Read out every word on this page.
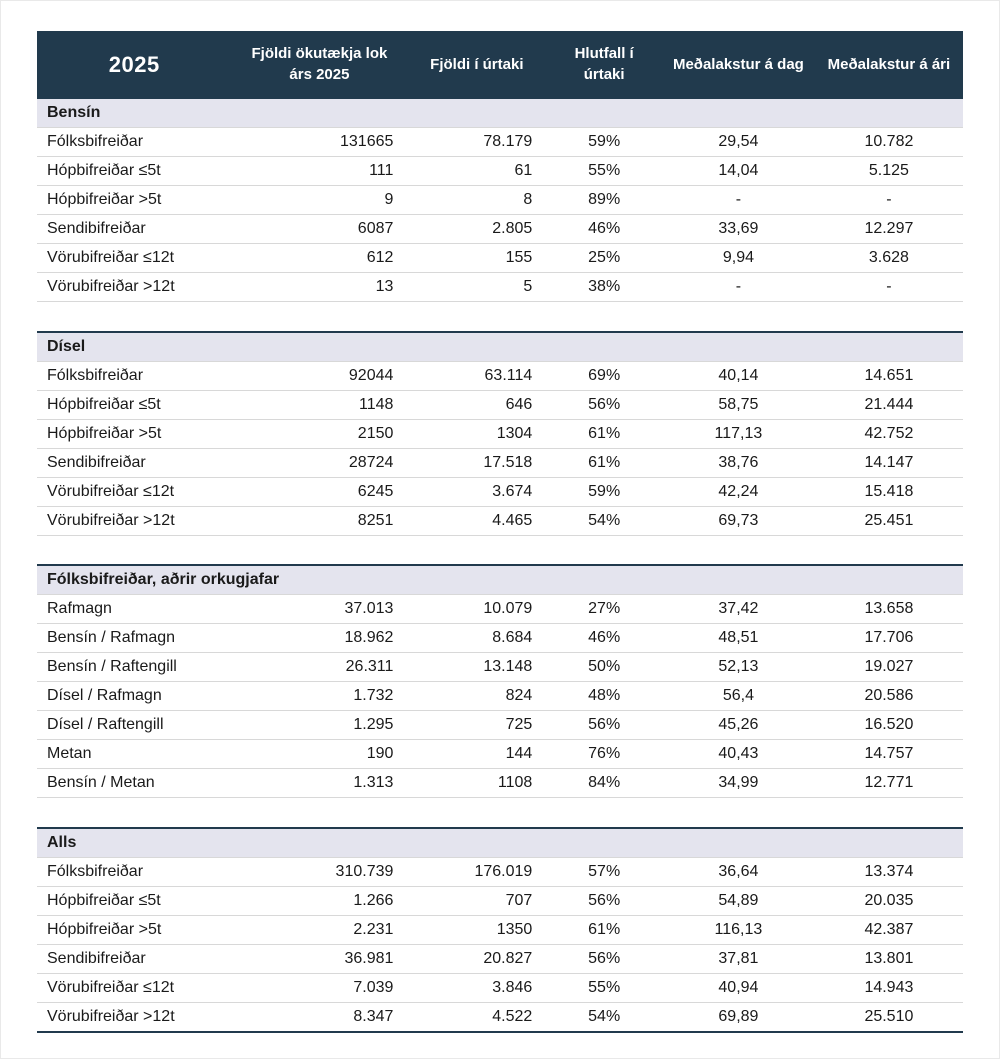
2025	Fjöldi ökutækja lok árs 2025	Fjöldi í úrtaki	Hlutfall í úrtaki	Meðalakstur á dag	Meðalakstur á ári
Bensín					
Fólksbifreiðar	131665	78.179	59%	29,54	10.782
Hópbifreiðar ≤5t	111	61	55%	14,04	5.125
Hópbifreiðar >5t	9	8	89%	-	-
Sendibifreiðar	6087	2.805	46%	33,69	12.297
Vörubifreiðar ≤12t	612	155	25%	9,94	3.628
Vörubifreiðar >12t	13	5	38%	-	-

Dísel					
Fólksbifreiðar	92044	63.114	69%	40,14	14.651
Hópbifreiðar ≤5t	1148	646	56%	58,75	21.444
Hópbifreiðar >5t	2150	1304	61%	117,13	42.752
Sendibifreiðar	28724	17.518	61%	38,76	14.147
Vörubifreiðar ≤12t	6245	3.674	59%	42,24	15.418
Vörubifreiðar >12t	8251	4.465	54%	69,73	25.451

Fólksbifreiðar, aðrir orkugjafar					
Rafmagn	37.013	10.079	27%	37,42	13.658
Bensín / Rafmagn	18.962	8.684	46%	48,51	17.706
Bensín / Raftengill	26.311	13.148	50%	52,13	19.027
Dísel / Rafmagn	1.732	824	48%	56,4	20.586
Dísel / Raftengill	1.295	725	56%	45,26	16.520
Metan	190	144	76%	40,43	14.757
Bensín / Metan	1.313	1108	84%	34,99	12.771

Alls					
Fólksbifreiðar	310.739	176.019	57%	36,64	13.374
Hópbifreiðar ≤5t	1.266	707	56%	54,89	20.035
Hópbifreiðar >5t	2.231	1350	61%	116,13	42.387
Sendibifreiðar	36.981	20.827	56%	37,81	13.801
Vörubifreiðar ≤12t	7.039	3.846	55%	40,94	14.943
Vörubifreiðar >12t	8.347	4.522	54%	69,89	25.510
